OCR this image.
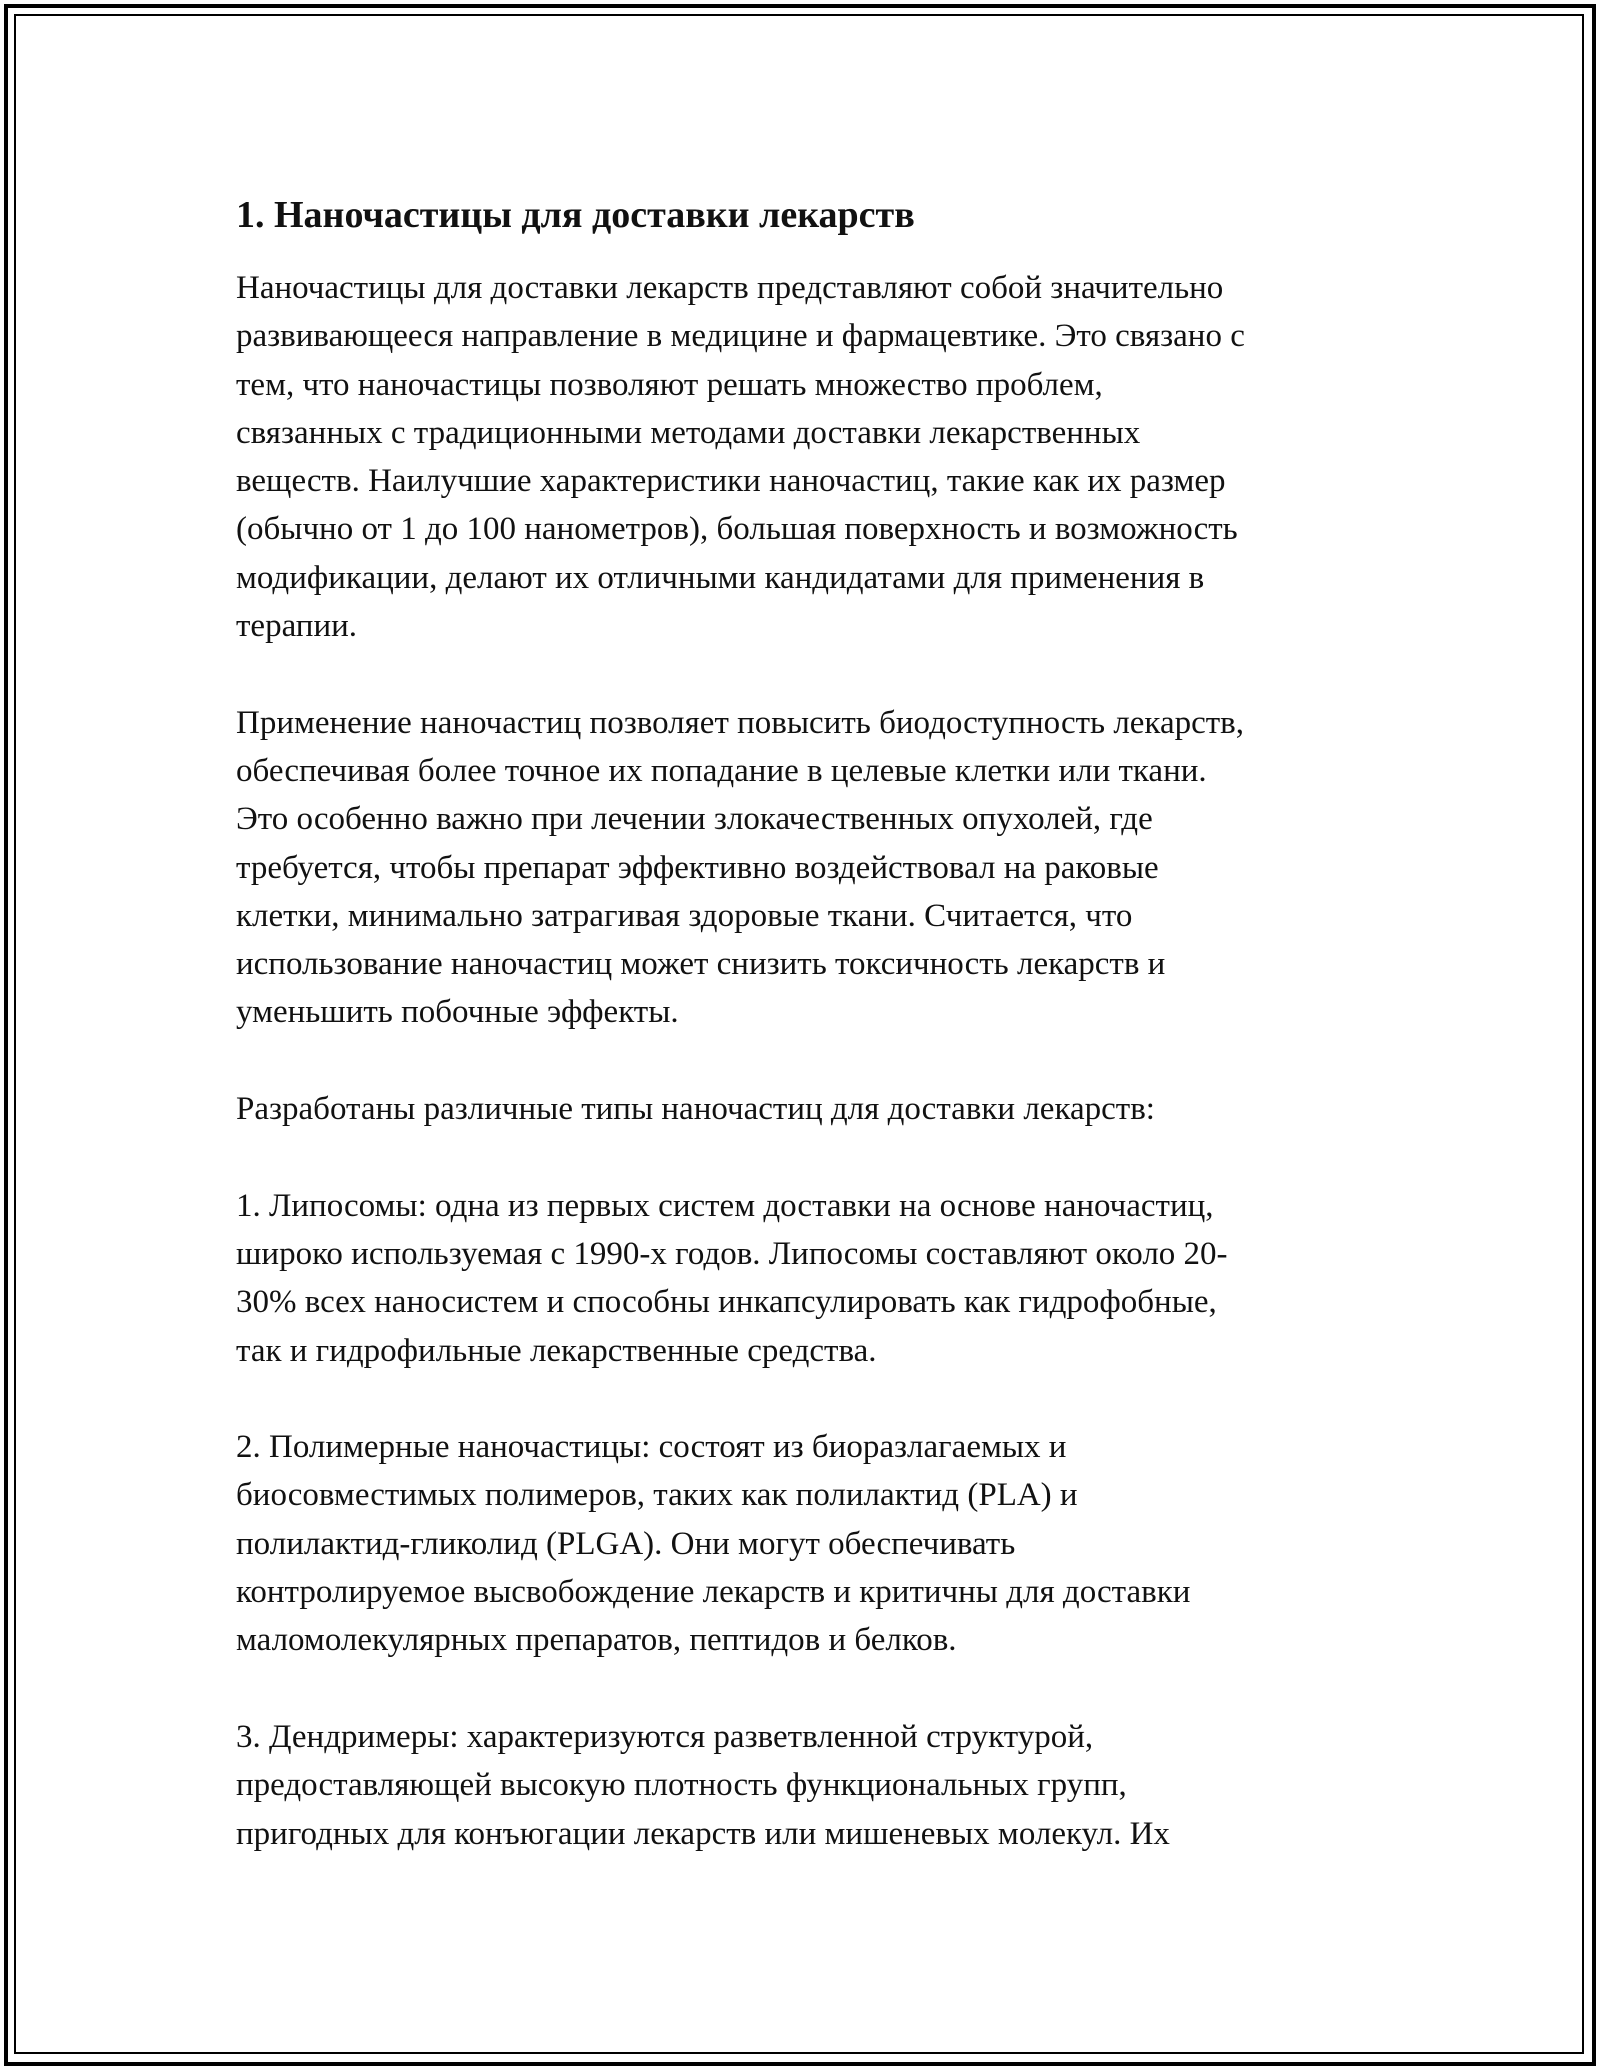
1. Наночастицы для доставки лекарств

Наночастицы для доставки лекарств представляют собой значительно
развивающееся направление в медицине и фармацевтике. Это связано с
тем, что наночастицы позволяют решать множество проблем,
связанных с традиционными методами доставки лекарственных
веществ. Наилучшие характеристики наночастиц, такие как их размер
(обычно от 1 до 100 нанометров), большая поверхность и возможность
модификации, делают их отличными кандидатами для применения в
терапии.

Применение наночастиц позволяет повысить биодоступность лекарств,
обеспечивая более точное их попадание в целевые клетки или ткани.
Это особенно важно при лечении злокачественных опухолей, где
требуется, чтобы препарат эффективно воздействовал на раковые
клетки, минимально затрагивая здоровые ткани. Считается, что
использование наночастиц может снизить токсичность лекарств и
уменьшить побочные эффекты.

Разработаны различные типы наночастиц для доставки лекарств:

1. Липосомы: одна из первых систем доставки на основе наночастиц,
широко используемая с 1990-х годов. Липосомы составляют около 20-
30% всех наносистем и способны инкапсулировать как гидрофобные,
так и гидрофильные лекарственные средства.

2. Полимерные наночастицы: состоят из биоразлагаемых и
биосовместимых полимеров, таких как полилактид (PLA) и
полилактид-гликолид (PLGA). Они могут обеспечивать
контролируемое высвобождение лекарств и критичны для доставки
маломолекулярных препаратов, пептидов и белков.

3. Дендримеры: характеризуются разветвленной структурой,
предоставляющей высокую плотность функциональных групп,
пригодных для конъюгации лекарств или мишеневых молекул. Их
